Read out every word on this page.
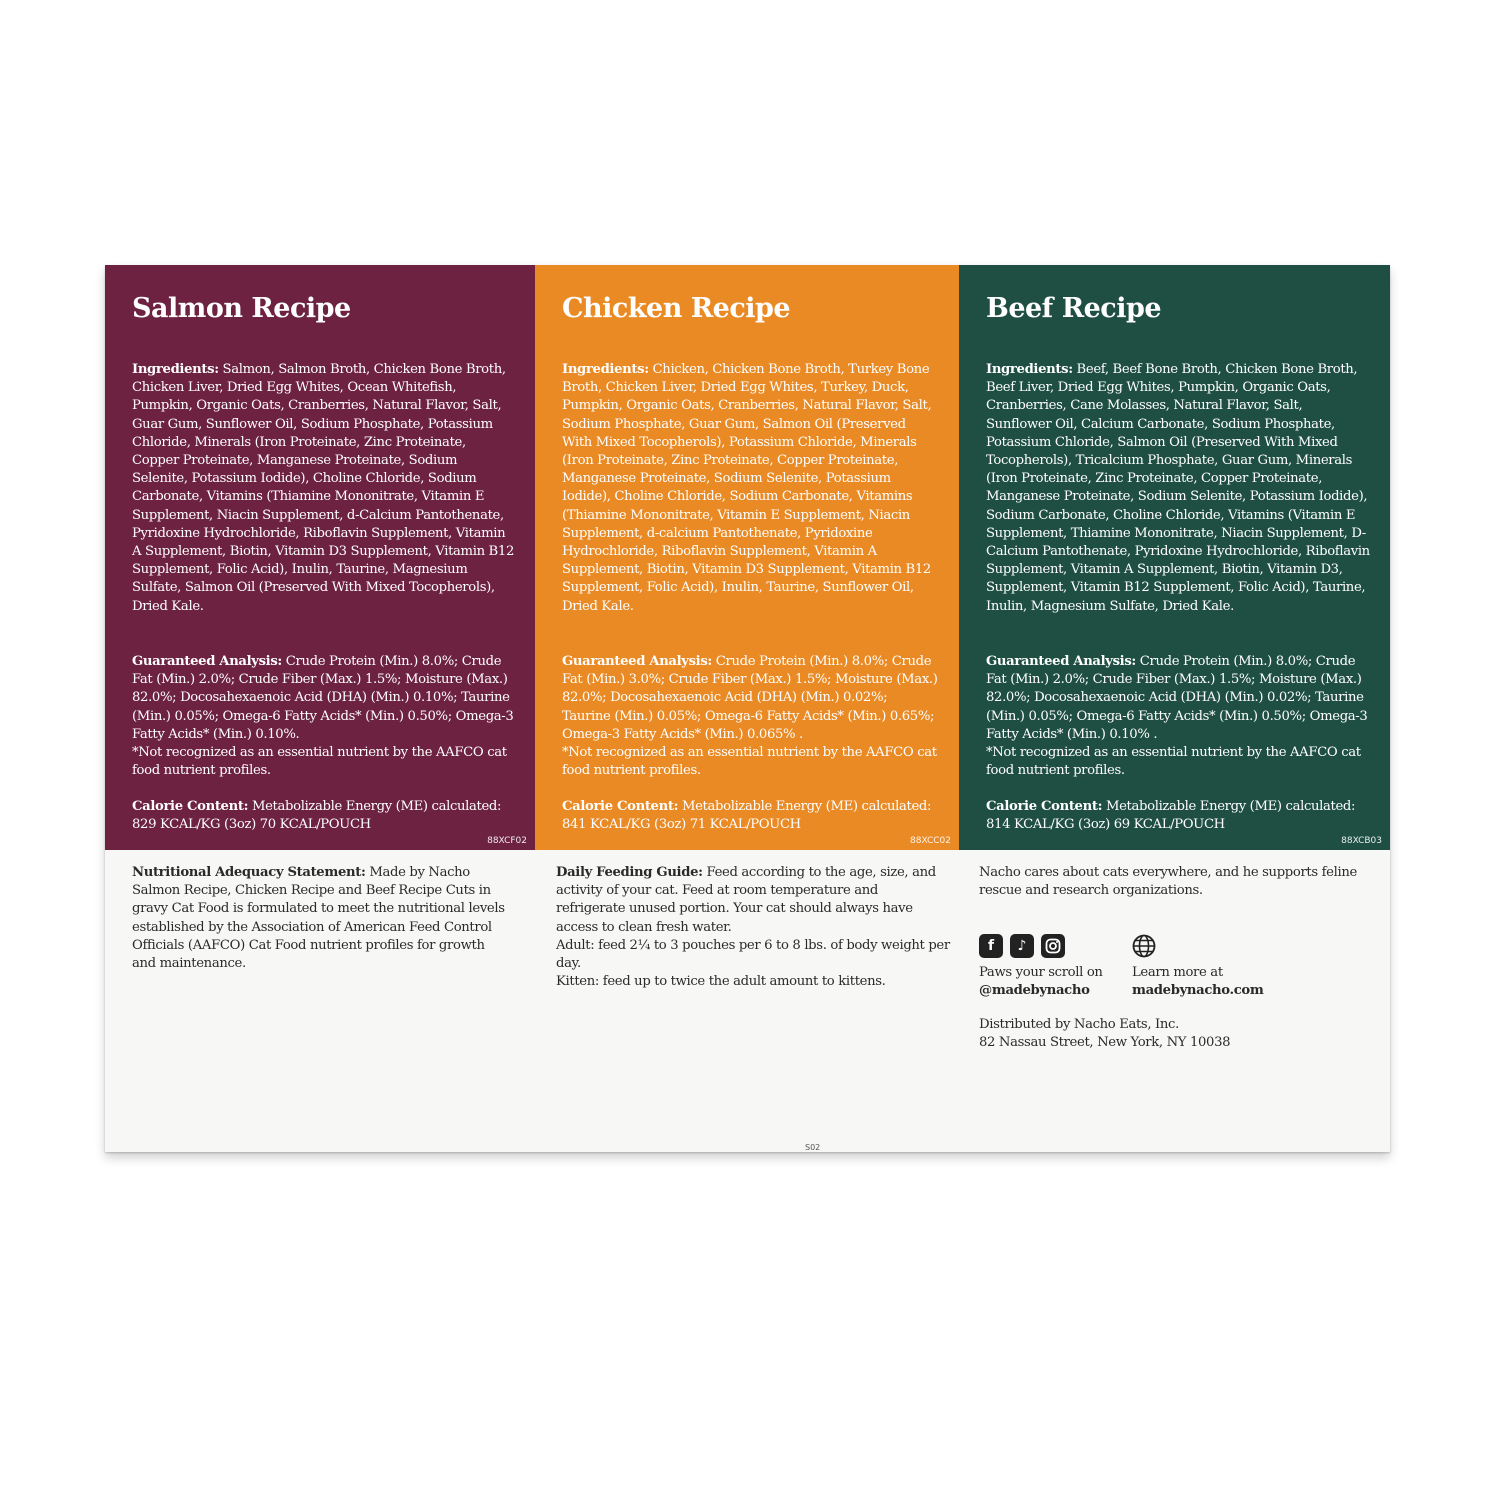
Salmon Recipe

Ingredients: Salmon, Salmon Broth, Chicken Bone Broth, Chicken Liver, Dried Egg Whites, Ocean Whitefish, Pumpkin, Organic Oats, Cranberries, Natural Flavor, Salt, Guar Gum, Sunflower Oil, Sodium Phosphate, Potassium Chloride, Minerals (Iron Proteinate, Zinc Proteinate, Copper Proteinate, Manganese Proteinate, Sodium Selenite, Potassium Iodide), Choline Chloride, Sodium Carbonate, Vitamins (Thiamine Mononitrate, Vitamin E Supplement, Niacin Supplement, d-Calcium Pantothenate, Pyridoxine Hydrochloride, Riboflavin Supplement, Vitamin A Supplement, Biotin, Vitamin D3 Supplement, Vitamin B12 Supplement, Folic Acid), Inulin, Taurine, Magnesium Sulfate, Salmon Oil (Preserved With Mixed Tocopherols), Dried Kale.

Guaranteed Analysis: Crude Protein (Min.) 8.0%; Crude Fat (Min.) 2.0%; Crude Fiber (Max.) 1.5%; Moisture (Max.) 82.0%; Docosahexaenoic Acid (DHA) (Min.) 0.10%; Taurine (Min.) 0.05%; Omega-6 Fatty Acids* (Min.) 0.50%; Omega-3 Fatty Acids* (Min.) 0.10%.
*Not recognized as an essential nutrient by the AAFCO cat food nutrient profiles.

Calorie Content: Metabolizable Energy (ME) calculated: 829 KCAL/KG (3oz) 70 KCAL/POUCH

88XCF02
Chicken Recipe

Ingredients: Chicken, Chicken Bone Broth, Turkey Bone Broth, Chicken Liver, Dried Egg Whites, Turkey, Duck, Pumpkin, Organic Oats, Cranberries, Natural Flavor, Salt, Sodium Phosphate, Guar Gum, Salmon Oil (Preserved With Mixed Tocopherols), Potassium Chloride, Minerals (Iron Proteinate, Zinc Proteinate, Copper Proteinate, Manganese Proteinate, Sodium Selenite, Potassium Iodide), Choline Chloride, Sodium Carbonate, Vitamins (Thiamine Mononitrate, Vitamin E Supplement, Niacin Supplement, d-calcium Pantothenate, Pyridoxine Hydrochloride, Riboflavin Supplement, Vitamin A Supplement, Biotin, Vitamin D3 Supplement, Vitamin B12 Supplement, Folic Acid), Inulin, Taurine, Sunflower Oil, Dried Kale.

Guaranteed Analysis: Crude Protein (Min.) 8.0%; Crude Fat (Min.) 3.0%; Crude Fiber (Max.) 1.5%; Moisture (Max.) 82.0%; Docosahexaenoic Acid (DHA) (Min.) 0.02%; Taurine (Min.) 0.05%; Omega-6 Fatty Acids* (Min.) 0.65%; Omega-3 Fatty Acids* (Min.) 0.065% .
*Not recognized as an essential nutrient by the AAFCO cat food nutrient profiles.

Calorie Content: Metabolizable Energy (ME) calculated: 841 KCAL/KG (3oz) 71 KCAL/POUCH

88XCC02
Beef Recipe

Ingredients: Beef, Beef Bone Broth, Chicken Bone Broth, Beef Liver, Dried Egg Whites, Pumpkin, Organic Oats, Cranberries, Cane Molasses, Natural Flavor, Salt, Sunflower Oil, Calcium Carbonate, Sodium Phosphate, Potassium Chloride, Salmon Oil (Preserved With Mixed Tocopherols), Tricalcium Phosphate, Guar Gum, Minerals (Iron Proteinate, Zinc Proteinate, Copper Proteinate, Manganese Proteinate, Sodium Selenite, Potassium Iodide), Sodium Carbonate, Choline Chloride, Vitamins (Vitamin E Supplement, Thiamine Mononitrate, Niacin Supplement, D- Calcium Pantothenate, Pyridoxine Hydrochloride, Riboflavin Supplement, Vitamin A Supplement, Biotin, Vitamin D3, Supplement, Vitamin B12 Supplement, Folic Acid), Taurine, Inulin, Magnesium Sulfate, Dried Kale.

Guaranteed Analysis: Crude Protein (Min.) 8.0%; Crude Fat (Min.) 2.0%; Crude Fiber (Max.) 1.5%; Moisture (Max.) 82.0%; Docosahexaenoic Acid (DHA) (Min.) 0.02%; Taurine (Min.) 0.05%; Omega-6 Fatty Acids* (Min.) 0.50%; Omega-3 Fatty Acids* (Min.) 0.10% .
*Not recognized as an essential nutrient by the AAFCO cat food nutrient profiles.

Calorie Content: Metabolizable Energy (ME) calculated: 814 KCAL/KG (3oz) 69 KCAL/POUCH

88XCB03

Nutritional Adequacy Statement: Made by Nacho Salmon Recipe, Chicken Recipe and Beef Recipe Cuts in gravy Cat Food is formulated to meet the nutritional levels established by the Association of American Feed Control Officials (AAFCO) Cat Food nutrient profiles for growth and maintenance.

Daily Feeding Guide: Feed according to the age, size, and activity of your cat. Feed at room temperature and refrigerate unused portion. Your cat should always have access to clean fresh water.
Adult: feed 2¼ to 3 pouches per 6 to 8 lbs. of body weight per day.
Kitten: feed up to twice the adult amount to kittens.

Nacho cares about cats everywhere, and he supports feline rescue and research organizations.

f	♪

Paws your scroll on

@madebynacho

Learn more at

madebynacho.com

Distributed by Nacho Eats, Inc.

82 Nassau Street, New York, NY 10038

S02
